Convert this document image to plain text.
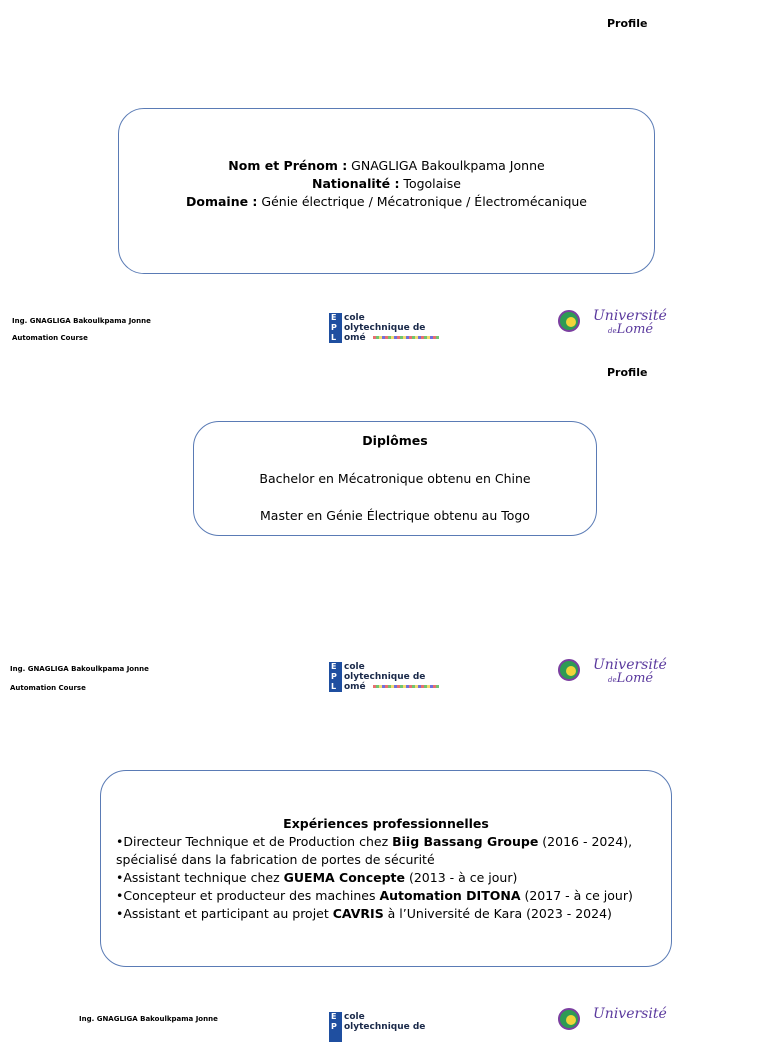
Profile
Nom et Prénom : GNAGLIGA Bakoulkpama Jonne
Nationalité : Togolaise
Domaine : Génie électrique / Mécatronique / Électromécanique
Ing. GNAGLIGA Bakoulkpama Jonne
Automation Course
E
P
L
cole
olytechnique de
omé
Université
deLomé
Profile
Diplômes
Bachelor en Mécatronique obtenu en Chine
Master en Génie Électrique obtenu au Togo
Ing. GNAGLIGA Bakoulkpama Jonne
Automation Course
E
P
L
cole
olytechnique de
omé
Université
deLomé
Expériences professionnelles
•Directeur Technique et de Production chez Biig Bassang Groupe (2016 - 2024),
spécialisé dans la fabrication de portes de sécurité
•Assistant technique chez GUEMA Concepte (2013 - à ce jour)
•Concepteur et producteur des machines Automation DITONA (2017 - à ce jour)
•Assistant et participant au projet CAVRIS à l’Université de Kara (2023 - 2024)
Ing. GNAGLIGA Bakoulkpama Jonne	E
P
cole
olytechnique de
Université
